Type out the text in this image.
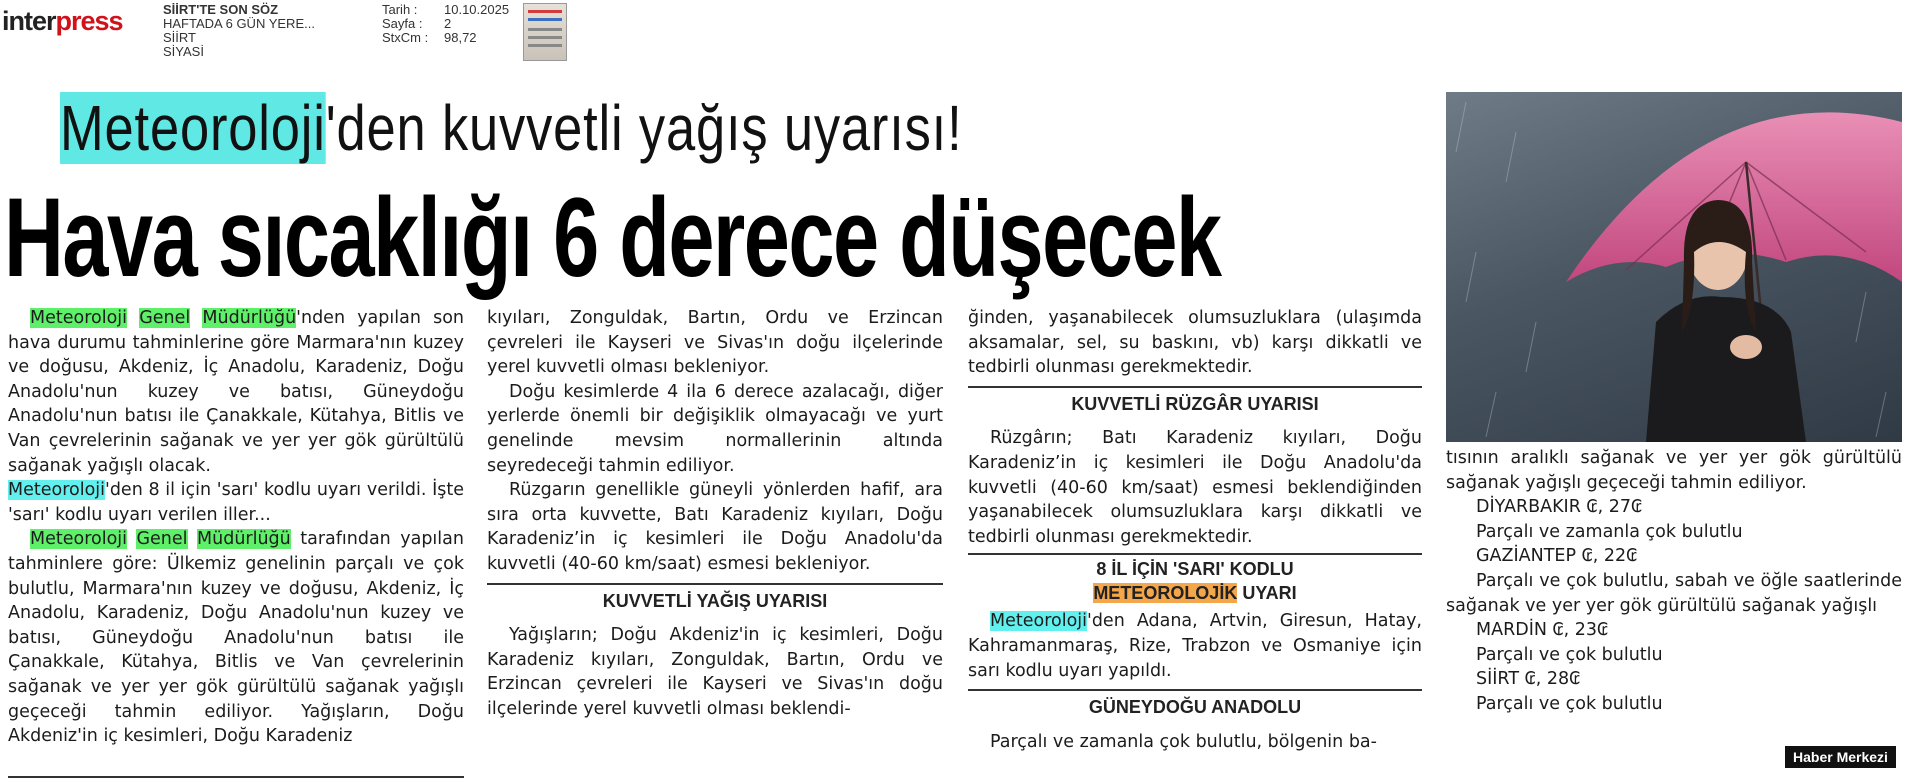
interpress	SİİRT'TE SON SÖZ
HAFTADA 6 GÜN YERE...
SİİRT
SİYASİ
Tarih : 10.10.2025
Sayfa : 2
StxCm : 98,72
Meteoroloji'den kuvvetli yağış uyarısı!
Hava sıcaklığı 6 derece düşecek

Meteoroloji Genel Müdürlüğü'nden yapılan son hava durumu tahminlerine göre Marmara'nın kuzey ve doğusu, Akdeniz, İç Anadolu, Karadeniz, Doğu Anadolu'nun kuzey ve batısı, Güneydoğu Anadolu'nun batısı ile Çanakkale, Kütahya, Bitlis ve Van çevrelerinin sağanak ve yer yer gök gürültülü sağanak yağışlı olacak.

Meteoroloji'den 8 il için 'sarı' kodlu uyarı verildi. İşte 'sarı' kodlu uyarı verilen iller...

Meteoroloji Genel Müdürlüğü tarafından yapılan tahminlere göre: Ülkemiz genelinin parçalı ve çok bulutlu, Marmara'nın kuzey ve doğusu, Akdeniz, İç Anadolu, Karadeniz, Doğu Anadolu'nun kuzey ve batısı, Güneydoğu Anadolu'nun batısı ile Çanakkale, Kütahya, Bitlis ve Van çevrelerinin sağanak ve yer yer gök gürültülü sağanak yağışlı geçeceği tahmin ediliyor. Yağışların, Doğu Akdeniz'in iç kesimleri, Doğu Karadeniz

kıyıları, Zonguldak, Bartın, Ordu ve Erzincan çevreleri ile Kayseri ve Sivas'ın doğu ilçelerinde yerel kuvvetli olması bekleniyor.

Doğu kesimlerde 4 ila 6 derece azalacağı, diğer yerlerde önemli bir değişiklik olmayacağı ve yurt genelinde mevsim normallerinin altında seyredeceği tahmin ediliyor.

Rüzgarın genellikle güneyli yönlerden hafif, ara sıra orta kuvvette, Batı Karadeniz kıyıları, Doğu Karadeniz’in iç kesimleri ile Doğu Anadolu'da kuvvetli (40-60 km/saat) esmesi bekleniyor.

KUVVETLİ YAĞIŞ UYARISI

Yağışların; Doğu Akdeniz'in iç kesimleri, Doğu Karadeniz kıyıları, Zonguldak, Bartın, Ordu ve Erzincan çevreleri ile Kayseri ve Sivas'ın doğu ilçelerinde yerel kuvvetli olması beklendi-

ğinden, yaşanabilecek olumsuzluklara (ulaşımda aksamalar, sel, su baskını, vb) karşı dikkatli ve tedbirli olunması gerekmektedir.

KUVVETLİ RÜZGÂR UYARISI

Rüzgârın; Batı Karadeniz kıyıları, Doğu Karadeniz’in iç kesimleri ile Doğu Anadolu'da kuvvetli (40-60 km/saat) esmesi beklendiğinden yaşanabilecek olumsuzluklara karşı dikkatli ve tedbirli olunması gerekmektedir.

8 İL İÇİN 'SARI' KODLU
METEOROLOJİK UYARI

Meteoroloji'den Adana, Artvin, Giresun, Hatay, Kahramanmaraş, Rize, Trabzon ve Osmaniye için sarı kodlu uyarı yapıldı.

GÜNEYDOĞU ANADOLU

Parçalı ve zamanla çok bulutlu, bölgenin ba-

tısının aralıklı sağanak ve yer yer gök gürültülü sağanak yağışlı geçeceği tahmin ediliyor.

DİYARBAKIR ₢, 27₢

Parçalı ve zamanla çok bulutlu

GAZİANTEP ₢, 22₢

Parçalı ve çok bulutlu, sabah ve öğle saatlerinde sağanak ve yer yer gök gürültülü sağanak yağışlı

MARDİN ₢, 23₢

Parçalı ve çok bulutlu

SİİRT ₢, 28₢

Parçalı ve çok bulutlu

Haber Merkezi
